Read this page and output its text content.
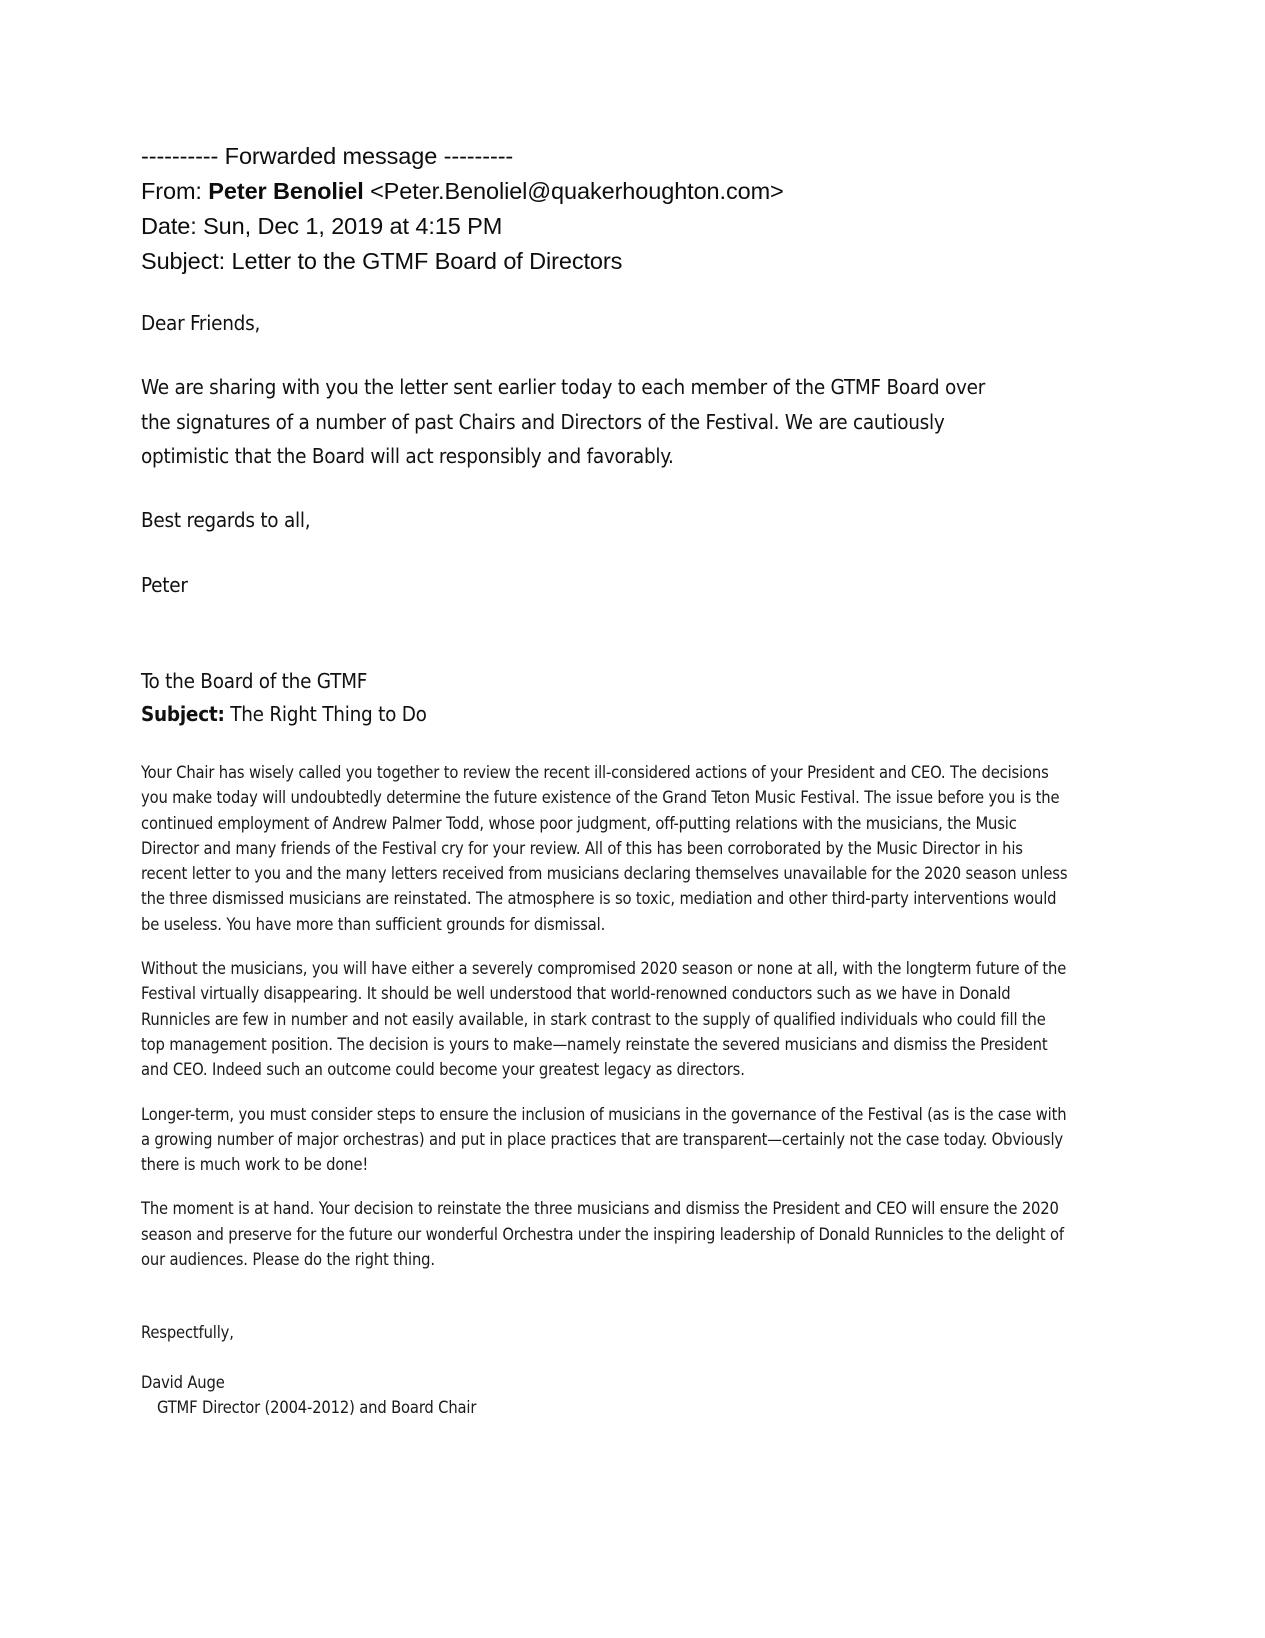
---------- Forwarded message ---------
From: Peter Benoliel <Peter.Benoliel@quakerhoughton.com>
Date: Sun, Dec 1, 2019 at 4:15 PM
Subject: Letter to the GTMF Board of Directors
Dear Friends,
We are sharing with you the letter sent earlier today to each member of the GTMF Board over
the signatures of a number of past Chairs and Directors of the Festival. We are cautiously
optimistic that the Board will act responsibly and favorably.
Best regards to all,
Peter
To the Board of the GTMF
Subject: The Right Thing to Do

Your Chair has wisely called you together to review the recent ill-considered actions of your President and CEO. The decisions you make today will undoubtedly determine the future existence of the Grand Teton Music Festival. The issue before you is the continued employment of Andrew Palmer Todd, whose poor judgment, off-putting relations with the musicians, the Music Director and many friends of the Festival cry for your review. All of this has been corroborated by the Music Director in his recent letter to you and the many letters received from musicians declaring themselves unavailable for the 2020 season unless the three dismissed musicians are reinstated. The atmosphere is so toxic, mediation and other third-party interventions would be useless. You have more than sufficient grounds for dismissal.

Without the musicians, you will have either a severely compromised 2020 season or none at all, with the longterm future of the Festival virtually disappearing. It should be well understood that world-renowned conductors such as we have in Donald Runnicles are few in number and not easily available, in stark contrast to the supply of qualified individuals who could fill the top management position. The decision is yours to make—namely reinstate the severed musicians and dismiss the President and CEO. Indeed such an outcome could become your greatest legacy as directors.

Longer-term, you must consider steps to ensure the inclusion of musicians in the governance of the Festival (as is the case with a growing number of major orchestras) and put in place practices that are transparent—certainly not the case today. Obviously there is much work to be done!

The moment is at hand. Your decision to reinstate the three musicians and dismiss the President and CEO will ensure the 2020 season and preserve for the future our wonderful Orchestra under the inspiring leadership of Donald Runnicles to the delight of our audiences. Please do the right thing.

Respectfully,
David Auge
GTMF Director (2004-2012) and Board Chair
